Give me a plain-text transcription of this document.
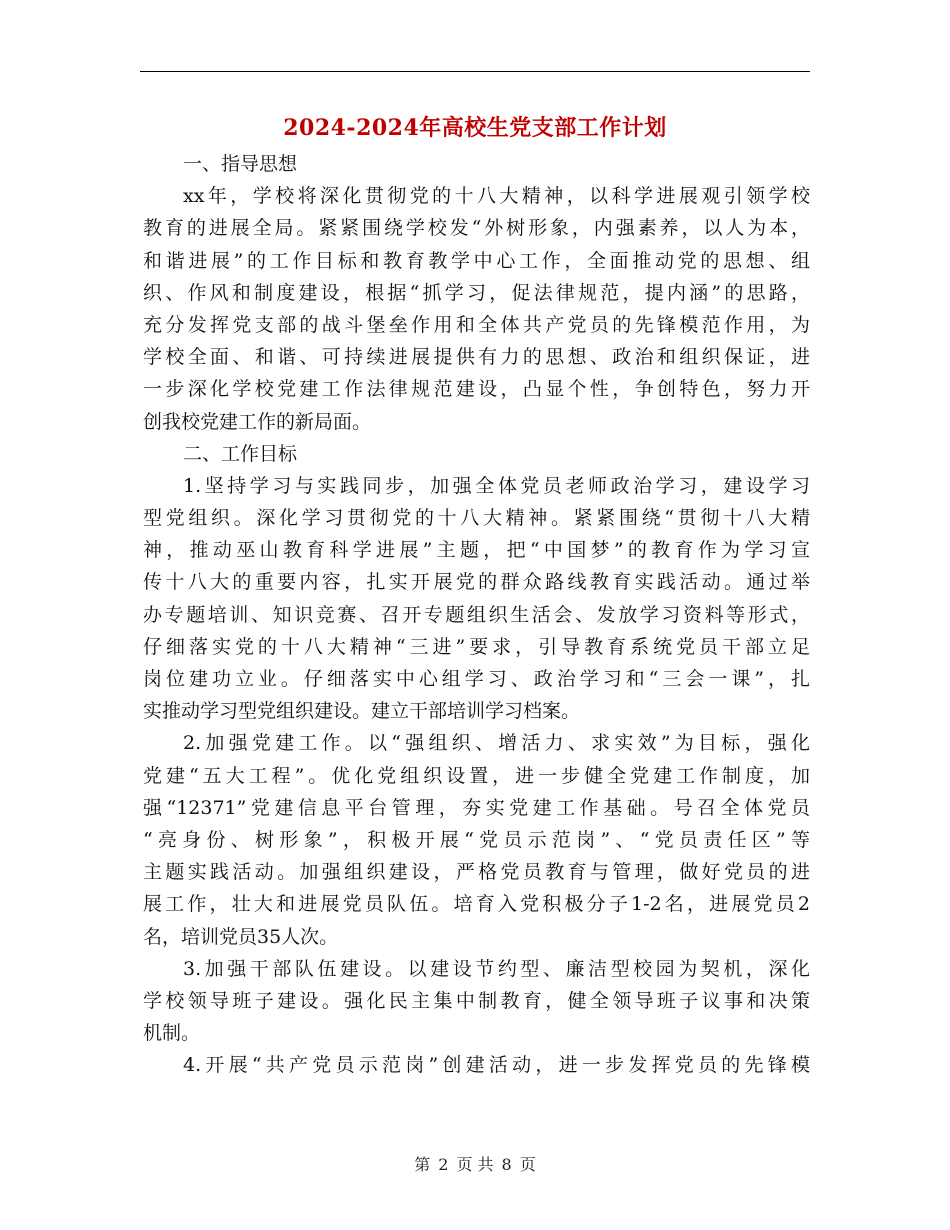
2024-2024年高校生党支部工作计划
一、指导思想
xx年，学校将深化贯彻党的十八大精神，以科学进展观引领学校
教育的进展全局。紧紧围绕学校发“外树形象，内强素养，以人为本，
和谐进展”的工作目标和教育教学中心工作，全面推动党的思想、组
织、作风和制度建设，根据“抓学习，促法律规范，提内涵”的思路，
充分发挥党支部的战斗堡垒作用和全体共产党员的先锋模范作用，为
学校全面、和谐、可持续进展提供有力的思想、政治和组织保证，进
一步深化学校党建工作法律规范建设，凸显个性，争创特色，努力开
创我校党建工作的新局面。
二、工作目标
1.坚持学习与实践同步，加强全体党员老师政治学习，建设学习
型党组织。深化学习贯彻党的十八大精神。紧紧围绕“贯彻十八大精
神，推动巫山教育科学进展”主题，把“中国梦”的教育作为学习宣
传十八大的重要内容，扎实开展党的群众路线教育实践活动。通过举
办专题培训、知识竞赛、召开专题组织生活会、发放学习资料等形式，
仔细落实党的十八大精神“三进”要求，引导教育系统党员干部立足
岗位建功立业。仔细落实中心组学习、政治学习和“三会一课”，扎
实推动学习型党组织建设。建立干部培训学习档案。
2.加强党建工作。以“强组织、增活力、求实效”为目标，强化
党建“五大工程”。优化党组织设置，进一步健全党建工作制度，加
强“12371”党建信息平台管理，夯实党建工作基础。号召全体党员
“亮身份、树形象”，积极开展“党员示范岗”、“党员责任区”等
主题实践活动。加强组织建设，严格党员教育与管理，做好党员的进
展工作，壮大和进展党员队伍。培育入党积极分子1-2名，进展党员2
名，培训党员35人次。
3.加强干部队伍建设。以建设节约型、廉洁型校园为契机，深化
学校领导班子建设。强化民主集中制教育，健全领导班子议事和决策
机制。
4.开展“共产党员示范岗”创建活动，进一步发挥党员的先锋模
第 2 页 共 8 页
